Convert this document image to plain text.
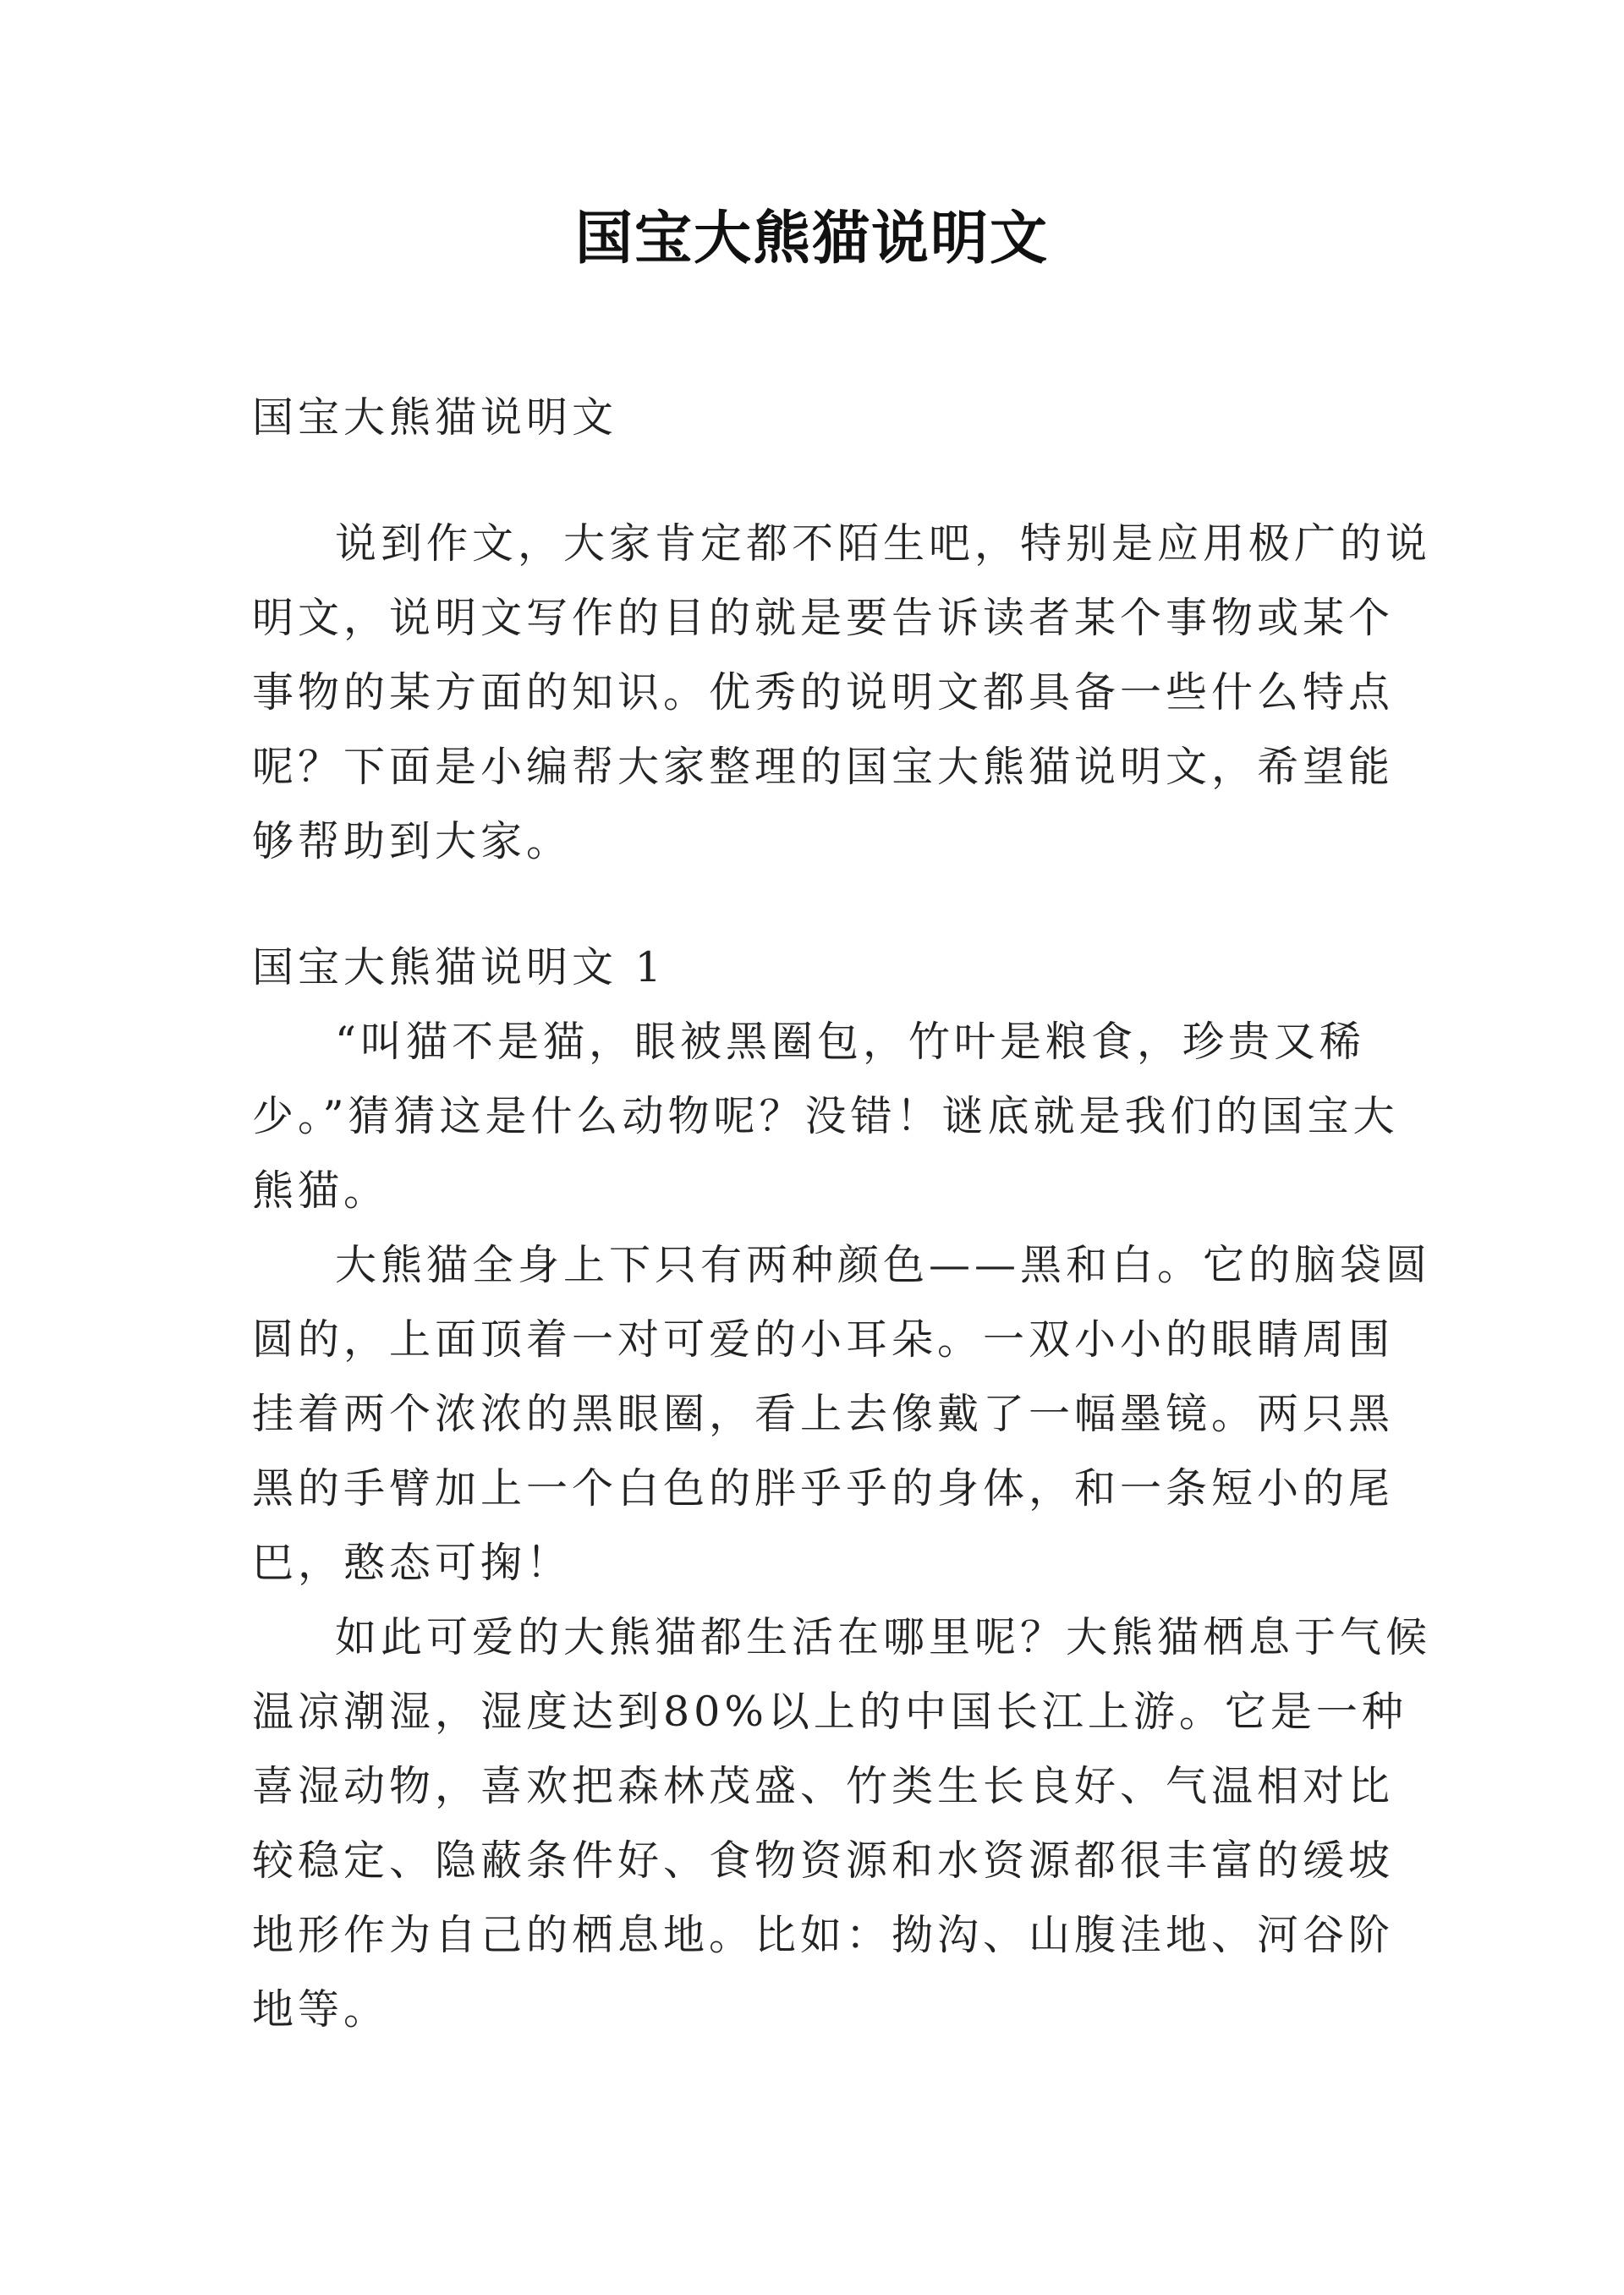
国宝大熊猫说明文

国宝大熊猫说明文

说到作文，大家肯定都不陌生吧，特别是应用极广的说明文，说明文写作的目的就是要告诉读者某个事物或某个事物的某方面的知识。优秀的说明文都具备一些什么特点呢？下面是小编帮大家整理的国宝大熊猫说明文，希望能够帮助到大家。

国宝大熊猫说明文 1

“叫猫不是猫，眼被黑圈包，竹叶是粮食，珍贵又稀少。”猜猜这是什么动物呢？没错！谜底就是我们的国宝大熊猫。

大熊猫全身上下只有两种颜色——黑和白。它的脑袋圆圆的，上面顶着一对可爱的小耳朵。一双小小的眼睛周围挂着两个浓浓的黑眼圈，看上去像戴了一幅墨镜。两只黑黑的手臂加上一个白色的胖乎乎的身体，和一条短小的尾巴，憨态可掬！

如此可爱的大熊猫都生活在哪里呢？大熊猫栖息于气候温凉潮湿，湿度达到80%以上的中国长江上游。它是一种喜湿动物，喜欢把森林茂盛、竹类生长良好、气温相对比较稳定、隐蔽条件好、食物资源和水资源都很丰富的缓坡地形作为自己的栖息地。比如：拗沟、山腹洼地、河谷阶地等。
